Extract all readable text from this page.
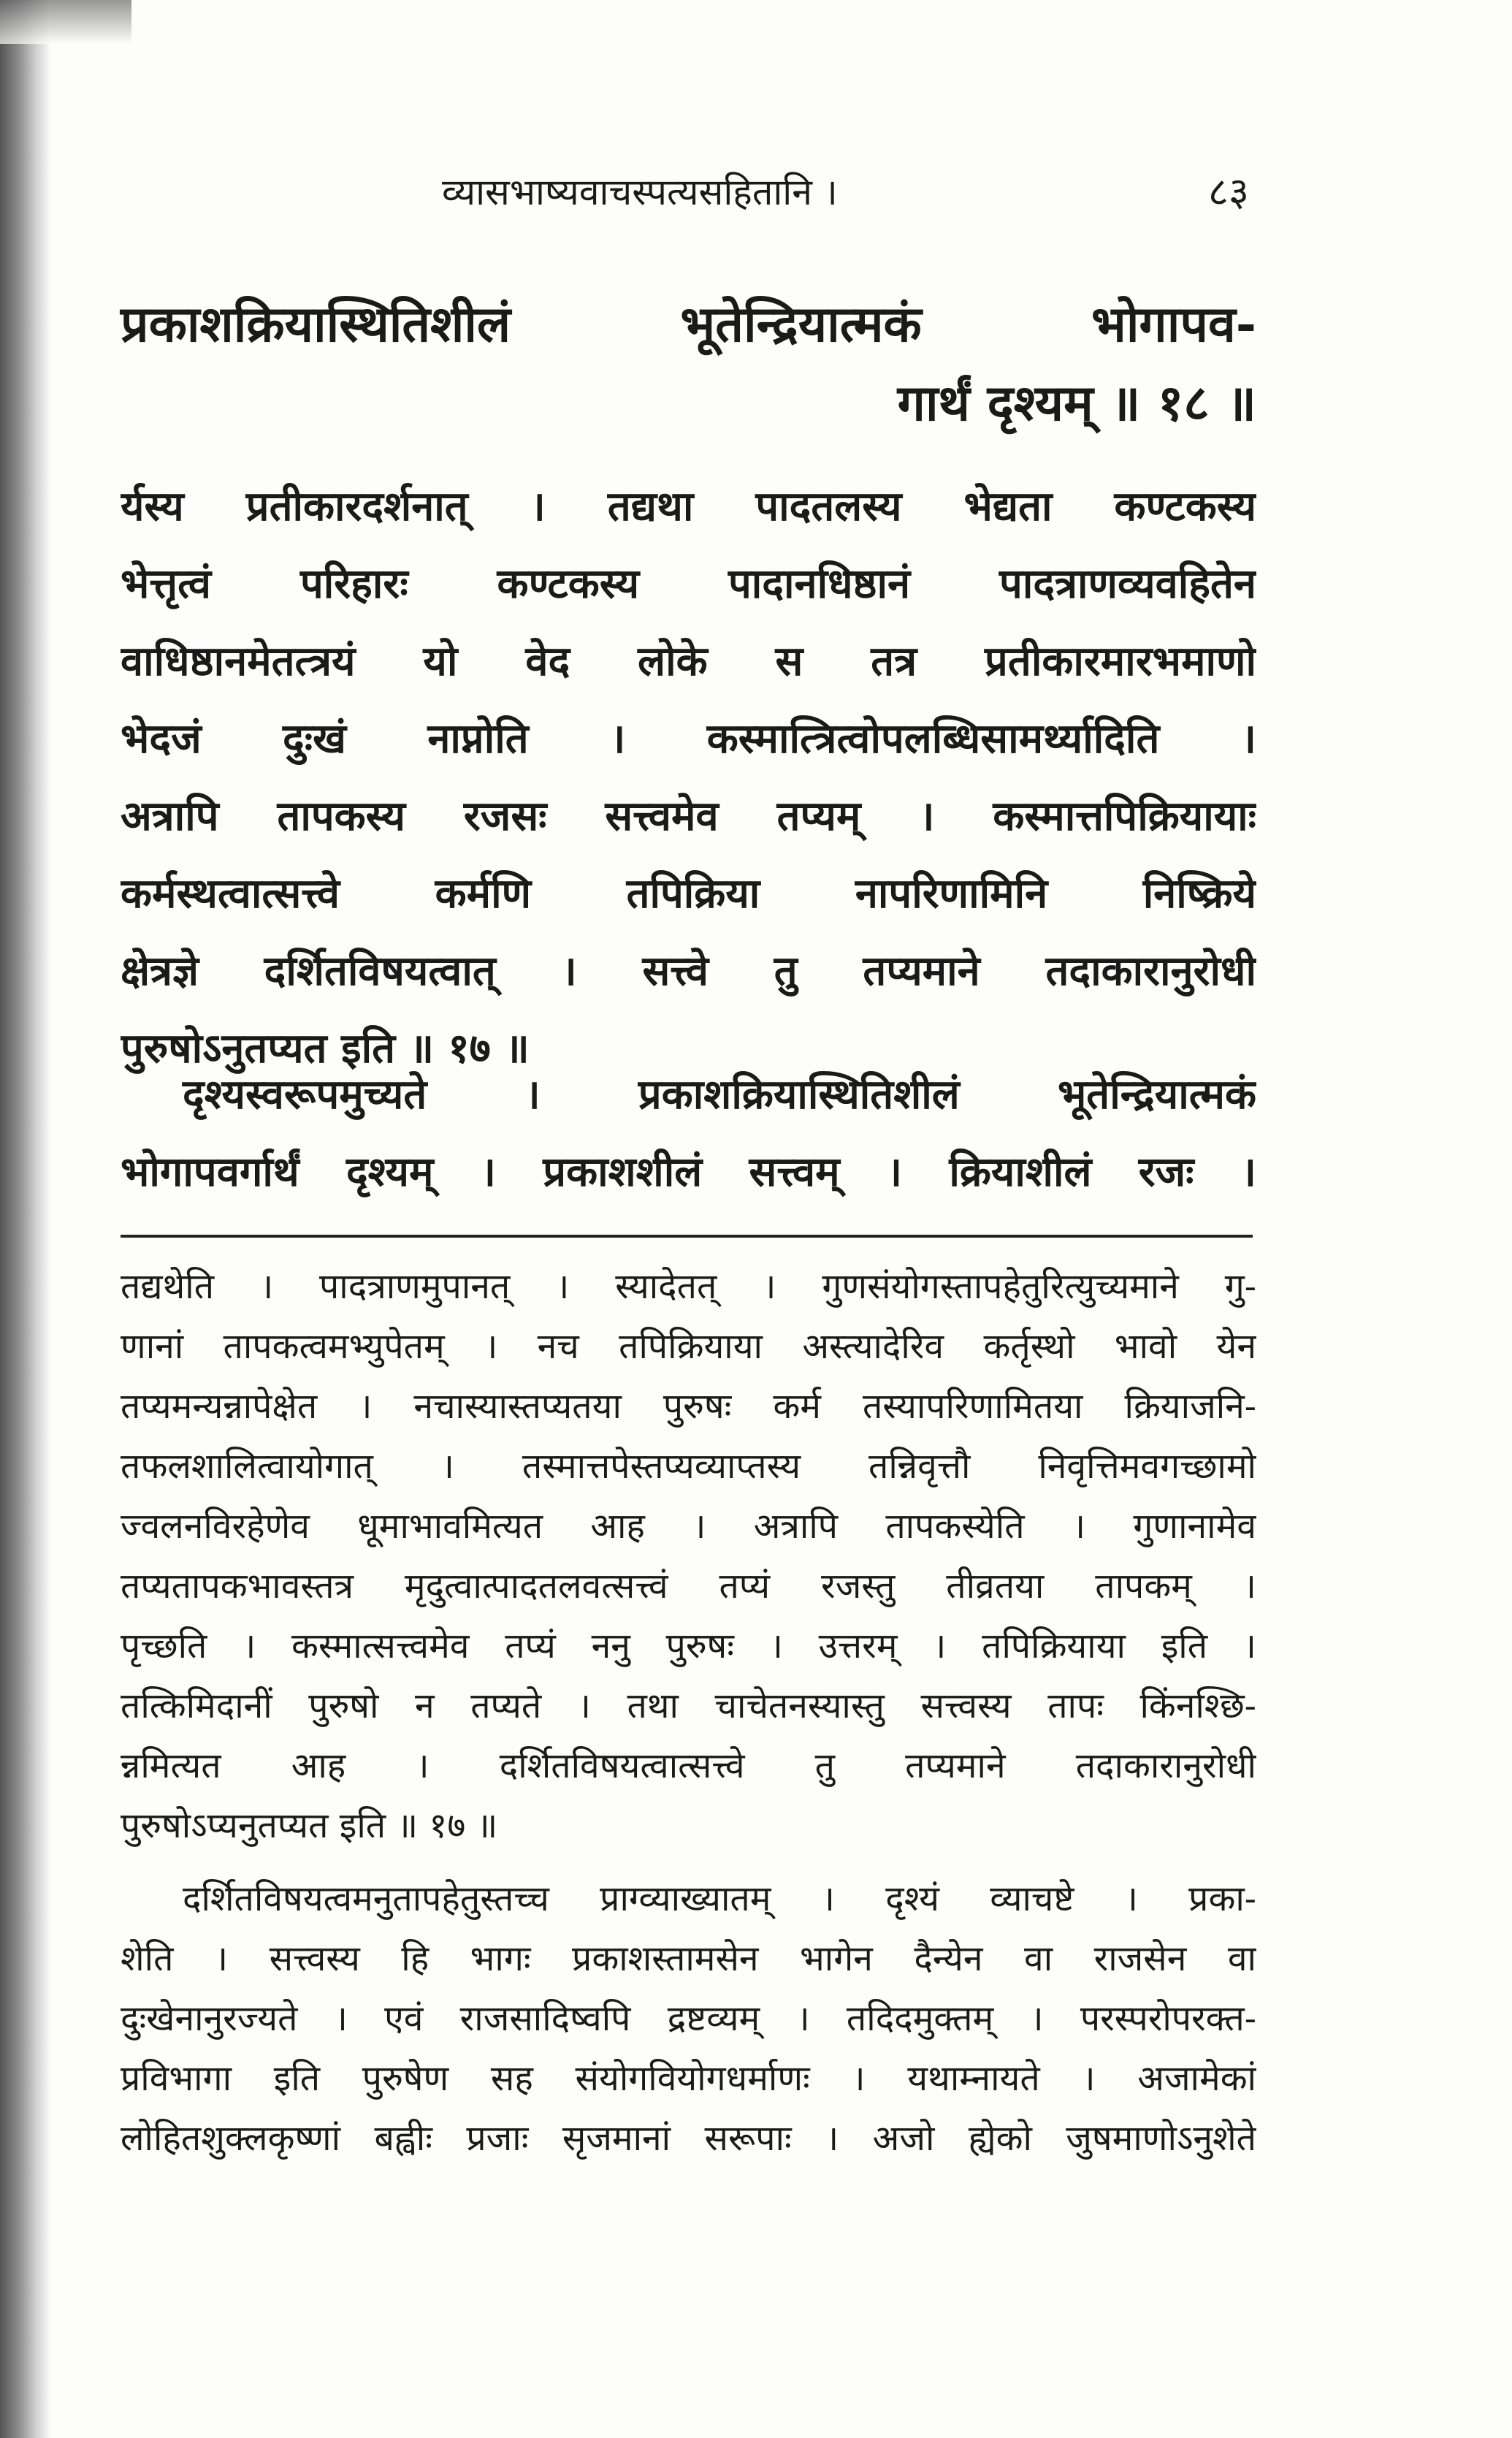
व्यासभाष्यवाचस्पत्यसहितानि ।	८३
प्रकाशक्रियास्थितिशीलं भूतेन्द्रियात्मकं भोगापव-
गार्थं दृश्यम् ॥ १८ ॥
र्यस्य प्रतीकारदर्शनात् । तद्यथा पादतलस्य भेद्यता कण्टकस्य
भेत्तृत्वं परिहारः कण्टकस्य पादानधिष्ठानं पादत्राणव्यवहितेन
वाधिष्ठानमेतत्त्रयं यो वेद लोके स तत्र प्रतीकारमारभमाणो
भेदजं दुःखं नाप्नोति । कस्मात्त्रित्वोपलब्धिसामर्थ्यादिति ।
अत्रापि तापकस्य रजसः सत्त्वमेव तप्यम् । कस्मात्तपिक्रियायाः
कर्मस्थत्वात्सत्त्वे कर्मणि तपिक्रिया नापरिणामिनि निष्क्रिये
क्षेत्रज्ञे दर्शितविषयत्वात् । सत्त्वे तु तप्यमाने तदाकारानुरोधी
पुरुषोऽनुतप्यत इति ॥ १७ ॥
दृश्यस्वरूपमुच्यते । प्रकाशक्रियास्थितिशीलं भूतेन्द्रियात्मकं
भोगापवर्गार्थं दृश्यम् । प्रकाशशीलं सत्त्वम् । क्रियाशीलं रजः ।
तद्यथेति । पादत्राणमुपानत् । स्यादेतत् । गुणसंयोगस्तापहेतुरित्युच्यमाने गु-
णानां तापकत्वमभ्युपेतम् । नच तपिक्रियाया अस्त्यादेरिव कर्तृस्थो भावो येन
तप्यमन्यन्नापेक्षेत । नचास्यास्तप्यतया पुरुषः कर्म तस्यापरिणामितया क्रियाजनि-
तफलशालित्वायोगात् । तस्मात्तपेस्तप्यव्याप्तस्य तन्निवृत्तौ निवृत्तिमवगच्छामो
ज्वलनविरहेणेव धूमाभावमित्यत आह । अत्रापि तापकस्येति । गुणानामेव
तप्यतापकभावस्तत्र मृदुत्वात्पादतलवत्सत्त्वं तप्यं रजस्तु तीव्रतया तापकम् ।
पृच्छति । कस्मात्सत्त्वमेव तप्यं ननु पुरुषः । उत्तरम् । तपिक्रियाया इति ।
तत्किमिदानीं पुरुषो न तप्यते । तथा चाचेतनस्यास्तु सत्त्वस्य तापः किंनश्छि-
न्नमित्यत आह । दर्शितविषयत्वात्सत्त्वे तु तप्यमाने तदाकारानुरोधी
पुरुषोऽप्यनुतप्यत इति ॥ १७ ॥
दर्शितविषयत्वमनुतापहेतुस्तच्च प्राग्व्याख्यातम् । दृश्यं व्याचष्टे । प्रका-
शेति । सत्त्वस्य हि भागः प्रकाशस्तामसेन भागेन दैन्येन वा राजसेन वा
दुःखेनानुरज्यते । एवं राजसादिष्वपि द्रष्टव्यम् । तदिदमुक्तम् । परस्परोपरक्त-
प्रविभागा इति पुरुषेण सह संयोगवियोगधर्माणः । यथाम्नायते । अजामेकां
लोहितशुक्लकृष्णां बह्वीः प्रजाः सृजमानां सरूपाः । अजो ह्येको जुषमाणोऽनुशेते
